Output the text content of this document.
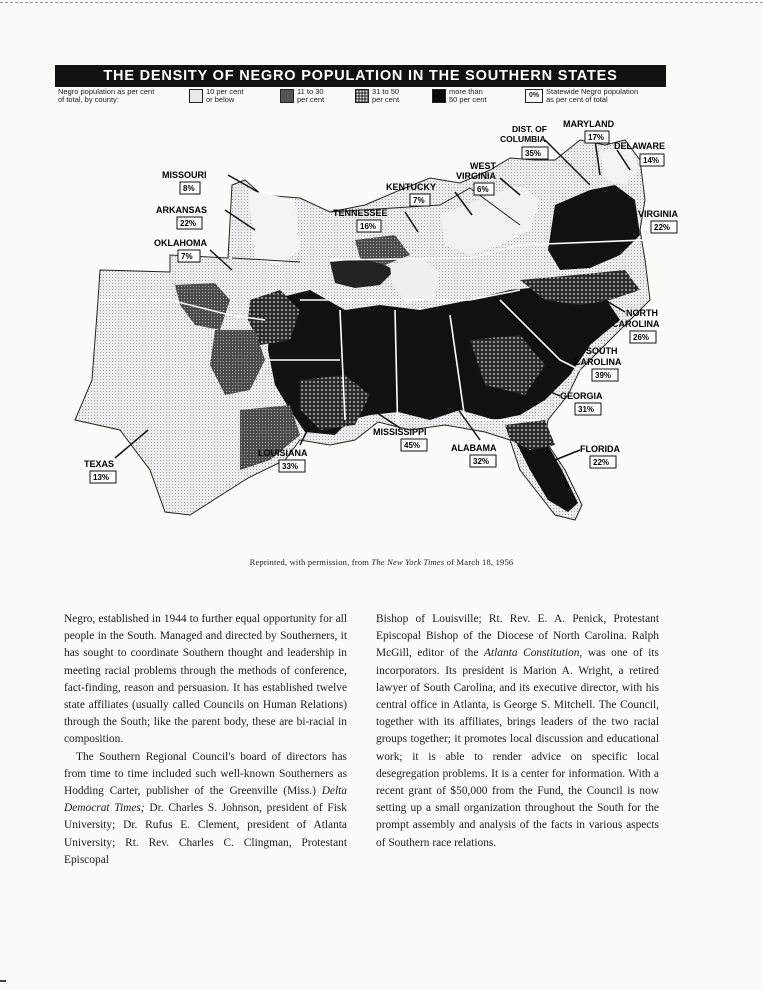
THE DENSITY OF NEGRO POPULATION IN THE SOUTHERN STATES
Negro population as per cent
of total, by county:
10 per cent
or below
11 to 30
per cent
31 to 50
per cent
more than
50 per cent	0% Statewide Negro population
as per cent of total
MISSOURI
8%
ARKANSAS
22%
OKLAHOMA
7%
KENTUCKY
7%
TENNESSEE
16%
WEST
VIRGINIA
6%
DIST. OF
COLUMBIA
35%
MARYLAND
17%
DELAWARE
14%
VIRGINIA
22%
NORTH
CAROLINA
26%
SOUTH
CAROLINA
39%
GEORGIA
31%
FLORIDA
22%
ALABAMA
32%
MISSISSIPPI
45%
LOUISIANA
33%
TEXAS
13%
Reprinted, with permission, from The New York Times of March 18, 1956

Negro, established in 1944 to further equal opportunity for all people in the South. Managed and directed by Southerners, it has sought to coordinate Southern thought and leadership in meeting racial problems through the methods of conference, fact-finding, reason and persuasion. It has established twelve state affiliates (usually called Councils on Human Relations) through the South; like the parent body, these are bi-racial in composition.

The Southern Regional Council's board of directors has from time to time included such well-known Southerners as Hodding Carter, publisher of the Greenville (Miss.) Delta Democrat Times; Dr. Charles S. Johnson, president of Fisk University; Dr. Rufus E. Clement, president of Atlanta University; Rt. Rev. Charles C. Clingman, Protestant Episcopal

Bishop of Louisville; Rt. Rev. E. A. Penick, Protestant Episcopal Bishop of the Diocese of North Carolina. Ralph McGill, editor of the Atlanta Constitution, was one of its incorporators. Its president is Marion A. Wright, a retired lawyer of South Carolina, and its executive director, with his central office in Atlanta, is George S. Mitchell. The Council, together with its affiliates, brings leaders of the two racial groups together; it promotes local discussion and educational work; it is able to render advice on specific local desegregation problems. It is a center for information. With a recent grant of $50,000 from the Fund, the Council is now setting up a small organization throughout the South for the prompt assembly and analysis of the facts in various aspects of Southern race relations.
